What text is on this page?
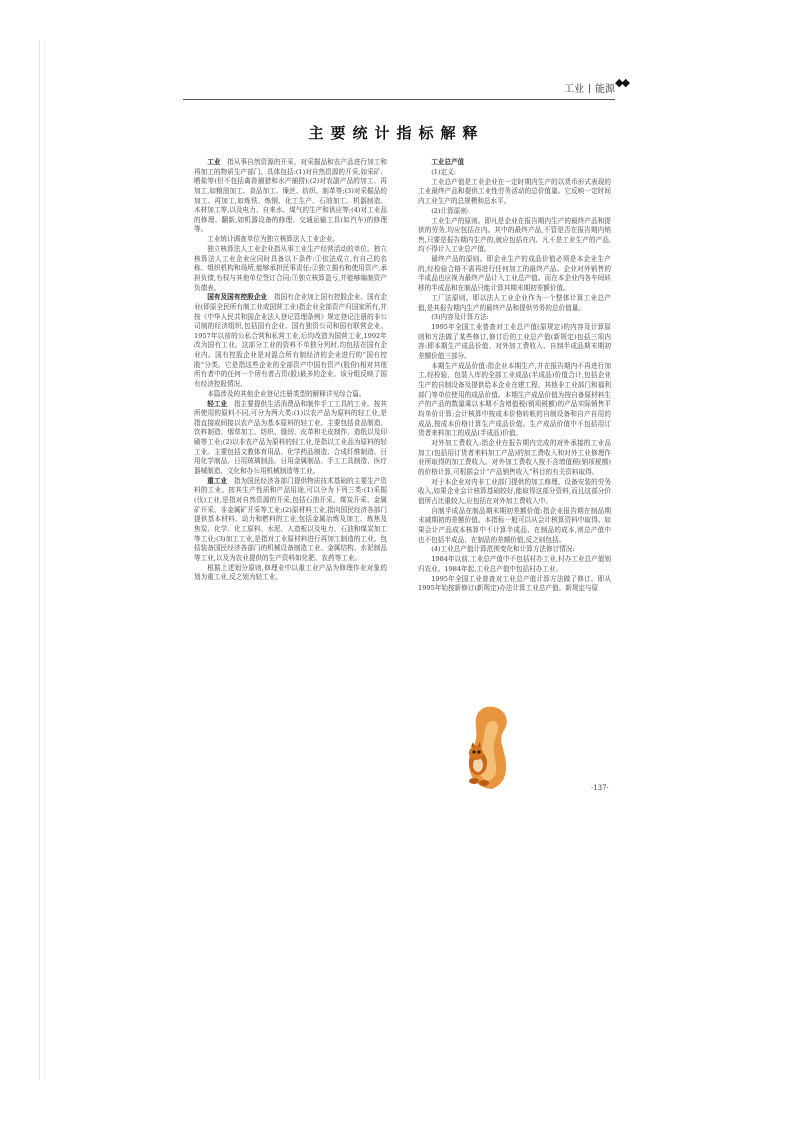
工业 能源
◆◆
主要统计指标解释

工业　 指从事自然资源的开采、对采掘品和农产品进行加工和再加工的物质生产部门。具体包括:(1)对自然资源的开采,如采矿、晒盐等(但不包括禽兽捕猎和水产捕捞);(2)对农副产品的加工、再加工,如粮油加工、食品加工、缫丝、纺织、制革等;(3)对采掘品的加工、再加工,如炼铁、炼钢、化工生产、石油加工、机器制造、木材加工等,以及电力、自来水、煤气的生产和供应等;(4)对工业品的修理、翻新,如机器设备的修理、交通运输工具(如汽车)的修理等。

工业统计调查单位为独立核算法人工业企业。

独立核算法人工业企业指从事工业生产经营活动的单位。独立核算法人工业企业应同时具备以下条件:①依法成立,有自己的名称、组织机构和场所,能够承担民事责任;②独立拥有和使用资产,承担负债,有权与其他单位签订合同;③独立核算盈亏,并能够编制资产负债表。

国有及国有控股企业　 指国有企业加上国有控股企业。国有企业(即原全民所有制工业或国营工业)指企业全部资产归国家所有,并按《中华人民共和国企业法人登记管理条例》规定登记注册的非公司制的经济组织,包括国有企业、国有独资公司和国有联营企业。1957年以前的公私合营和私营工业,后均改造为国营工业,1992年改为国有工业。这部分工业的资料不单独分列时,均包括在国有企业内。国有控股企业是对混合所有制经济的企业进行的“国有控股”分类。它是指这些企业的全部资产中国有资产(股份)相对其他所有者中的任何一个所有者占资(股)最多的企业。该分组反映了国有经济控股情况。

本篇涉及的其他企业登记注册类型的解释详见综合篇。

轻工业　 指主要提供生活消费品和制作手工工具的工业。按其所使用的原料不同,可分为两大类:(1)以农产品为原料的轻工业,是指直接或间接以农产品为基本原料的轻工业。主要包括食品制造、饮料制造、烟草加工、纺织、缝纫、皮革和毛皮制作、造纸以及印刷等工业;(2)以非农产品为原料的轻工业,是指以工业品为原料的轻工业。主要包括文教体育用品、化学药品制造、合成纤维制造、日用化学制品、日用玻璃制品、日用金属制品、手工工具制造、医疗器械制造、文化和办公用机械制造等工业。

重工业　 指为国民经济各部门提供物质技术基础的主要生产资料的工业。按其生产性质和产品用途,可以分为下列三类:(1)采掘(伐)工业,是指对自然资源的开采,包括石油开采、煤炭开采、金属矿开采、非金属矿开采等工业;(2)原材料工业,指向国民经济各部门提供基本材料、动力和燃料的工业,包括金属冶炼及加工、炼焦及焦炭、化学、化工原料、水泥、人造板以及电力、石油和煤炭加工等工业;(3)加工工业,是指对工业原材料进行再加工制造的工业。包括装备国民经济各部门的机械设备制造工业、金属结构、水泥制品等工业,以及为农业提供的生产资料如化肥、农药等工业。

根据上述划分原则,修理业中以重工业产品为修理作业对象的划为重工业,反之划为轻工业。

工业总产值

(1)定义:

工业总产值是工业企业在一定时期内生产的以货币形式表现的工业最终产品和提供工业性劳务活动的总价值量。它反映一定时间内工业生产的总规模和总水平。

(2)计算原则:

工业生产的原则。即凡是企业在报告期内生产的最终产品和提供的劳务,均应包括在内。其中的最终产品,不管是否在报告期内销售,只要是报告期内生产的,就应包括在内。凡不是工业生产的产品,均不得计入工业总产值。

最终产品的原则。即企业生产的成品价值必须是本企业生产的,经检验合格不需再进行任何加工的最终产品。企业对外销售的半成品也应视为最终产品计入工业总产值。而在本企业内各车间转移的半成品和在制品只能计算其期末期初差额价值。

工厂法原则。即以法人工业企业作为一个整体计算工业总产值,是其报告期内生产的最终产品和提供劳务的总价值量。

(3)内容及计算方法:

1995年全国工业普查对工业总产值(原规定)的内容及计算原则和方法做了某些修订,修订后的工业总产值(新规定)包括三项内容:即本期生产成品价值、对外加工费收入、自制半成品期末期初差额价值三部分。

本期生产成品价值:指企业本期生产,并在报告期内不再进行加工,经检验、包装入库的全部工业成品(半成品)价值合计,包括企业生产的自制设备及提供给本企业在建工程、其他非工业部门和福利部门等单位使用的成品价值。本期生产成品价值为按自备原材料生产的产品的数量乘以本期不含增值税(销项税额)的产品实际销售平均单价计算;会计核算中按成本价格转帐的自制设备和自产自用的成品,按成本价格计算生产成品价值。生产成品价值中不包括用订货者来料加工的成品(半成品)价值。

对外加工费收入:指企业在报告期内完成的对外承接的工业品加工(包括用订货者来料加工产品)的加工费收入和对外工业修理作业所取得的加工费收入。对外加工费收入按不含增值税(销项税额)的价格计算,可根据会计“产品销售收入”科目的有关资料取得。

对于本企业对内非工业部门提供的加工修理、设备安装的劳务收入,如果企业会计核算基础较好,能取得这部分资料,而且这部分价值所占比重较大,应包括在对外加工费收入中。

自制半成品在制品期末期初差额价值:指企业报告期在制品期末减期初的差额价值。本指标一般可以从会计核算资料中取得。如果会计产品成本核算中不计算半成品、在制品的成本,则总产值中也不包括半成品、在制品的差额价值,反之则包括。

(4)工业总产值计算范围变化和计算方法修订情况:

1984年以前,工业总产值中不包括村办工业,村办工业总产值划归农业。1984年起,工业总产值中包括村办工业。

1995年全国工业普查对工业总产值计算方法做了修订。即从1995年始按新修订(新规定)办法计算工业总产值。新规定与原

·137·
